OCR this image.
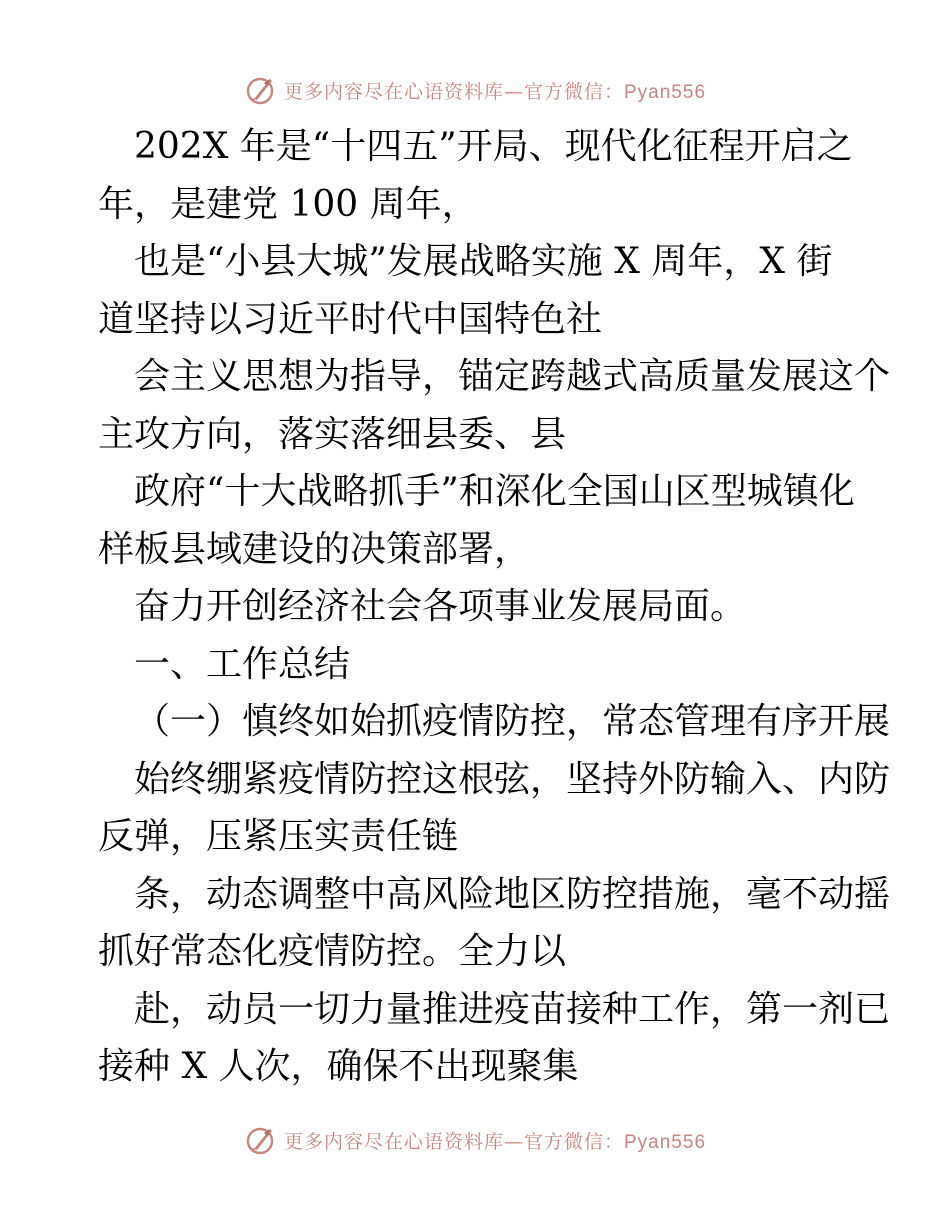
更多内容尽在心语资料库—官方微信：Pyan556
202X 年是“十四五”开局、现代化征程开启之
年，是建党 100 周年，
也是“小县大城”发展战略实施 X 周年，X 街
道坚持以习近平时代中国特色社
会主义思想为指导，锚定跨越式高质量发展这个
主攻方向，落实落细县委、县
政府“十大战略抓手”和深化全国山区型城镇化
样板县域建设的决策部署，
奋力开创经济社会各项事业发展局面。
一、工作总结
（一）慎终如始抓疫情防控，常态管理有序开展
始终绷紧疫情防控这根弦，坚持外防输入、内防
反弹，压紧压实责任链
条，动态调整中高风险地区防控措施，毫不动摇
抓好常态化疫情防控。全力以
赴，动员一切力量推进疫苗接种工作，第一剂已
接种 X 人次，确保不出现聚集
更多内容尽在心语资料库—官方微信：Pyan556
